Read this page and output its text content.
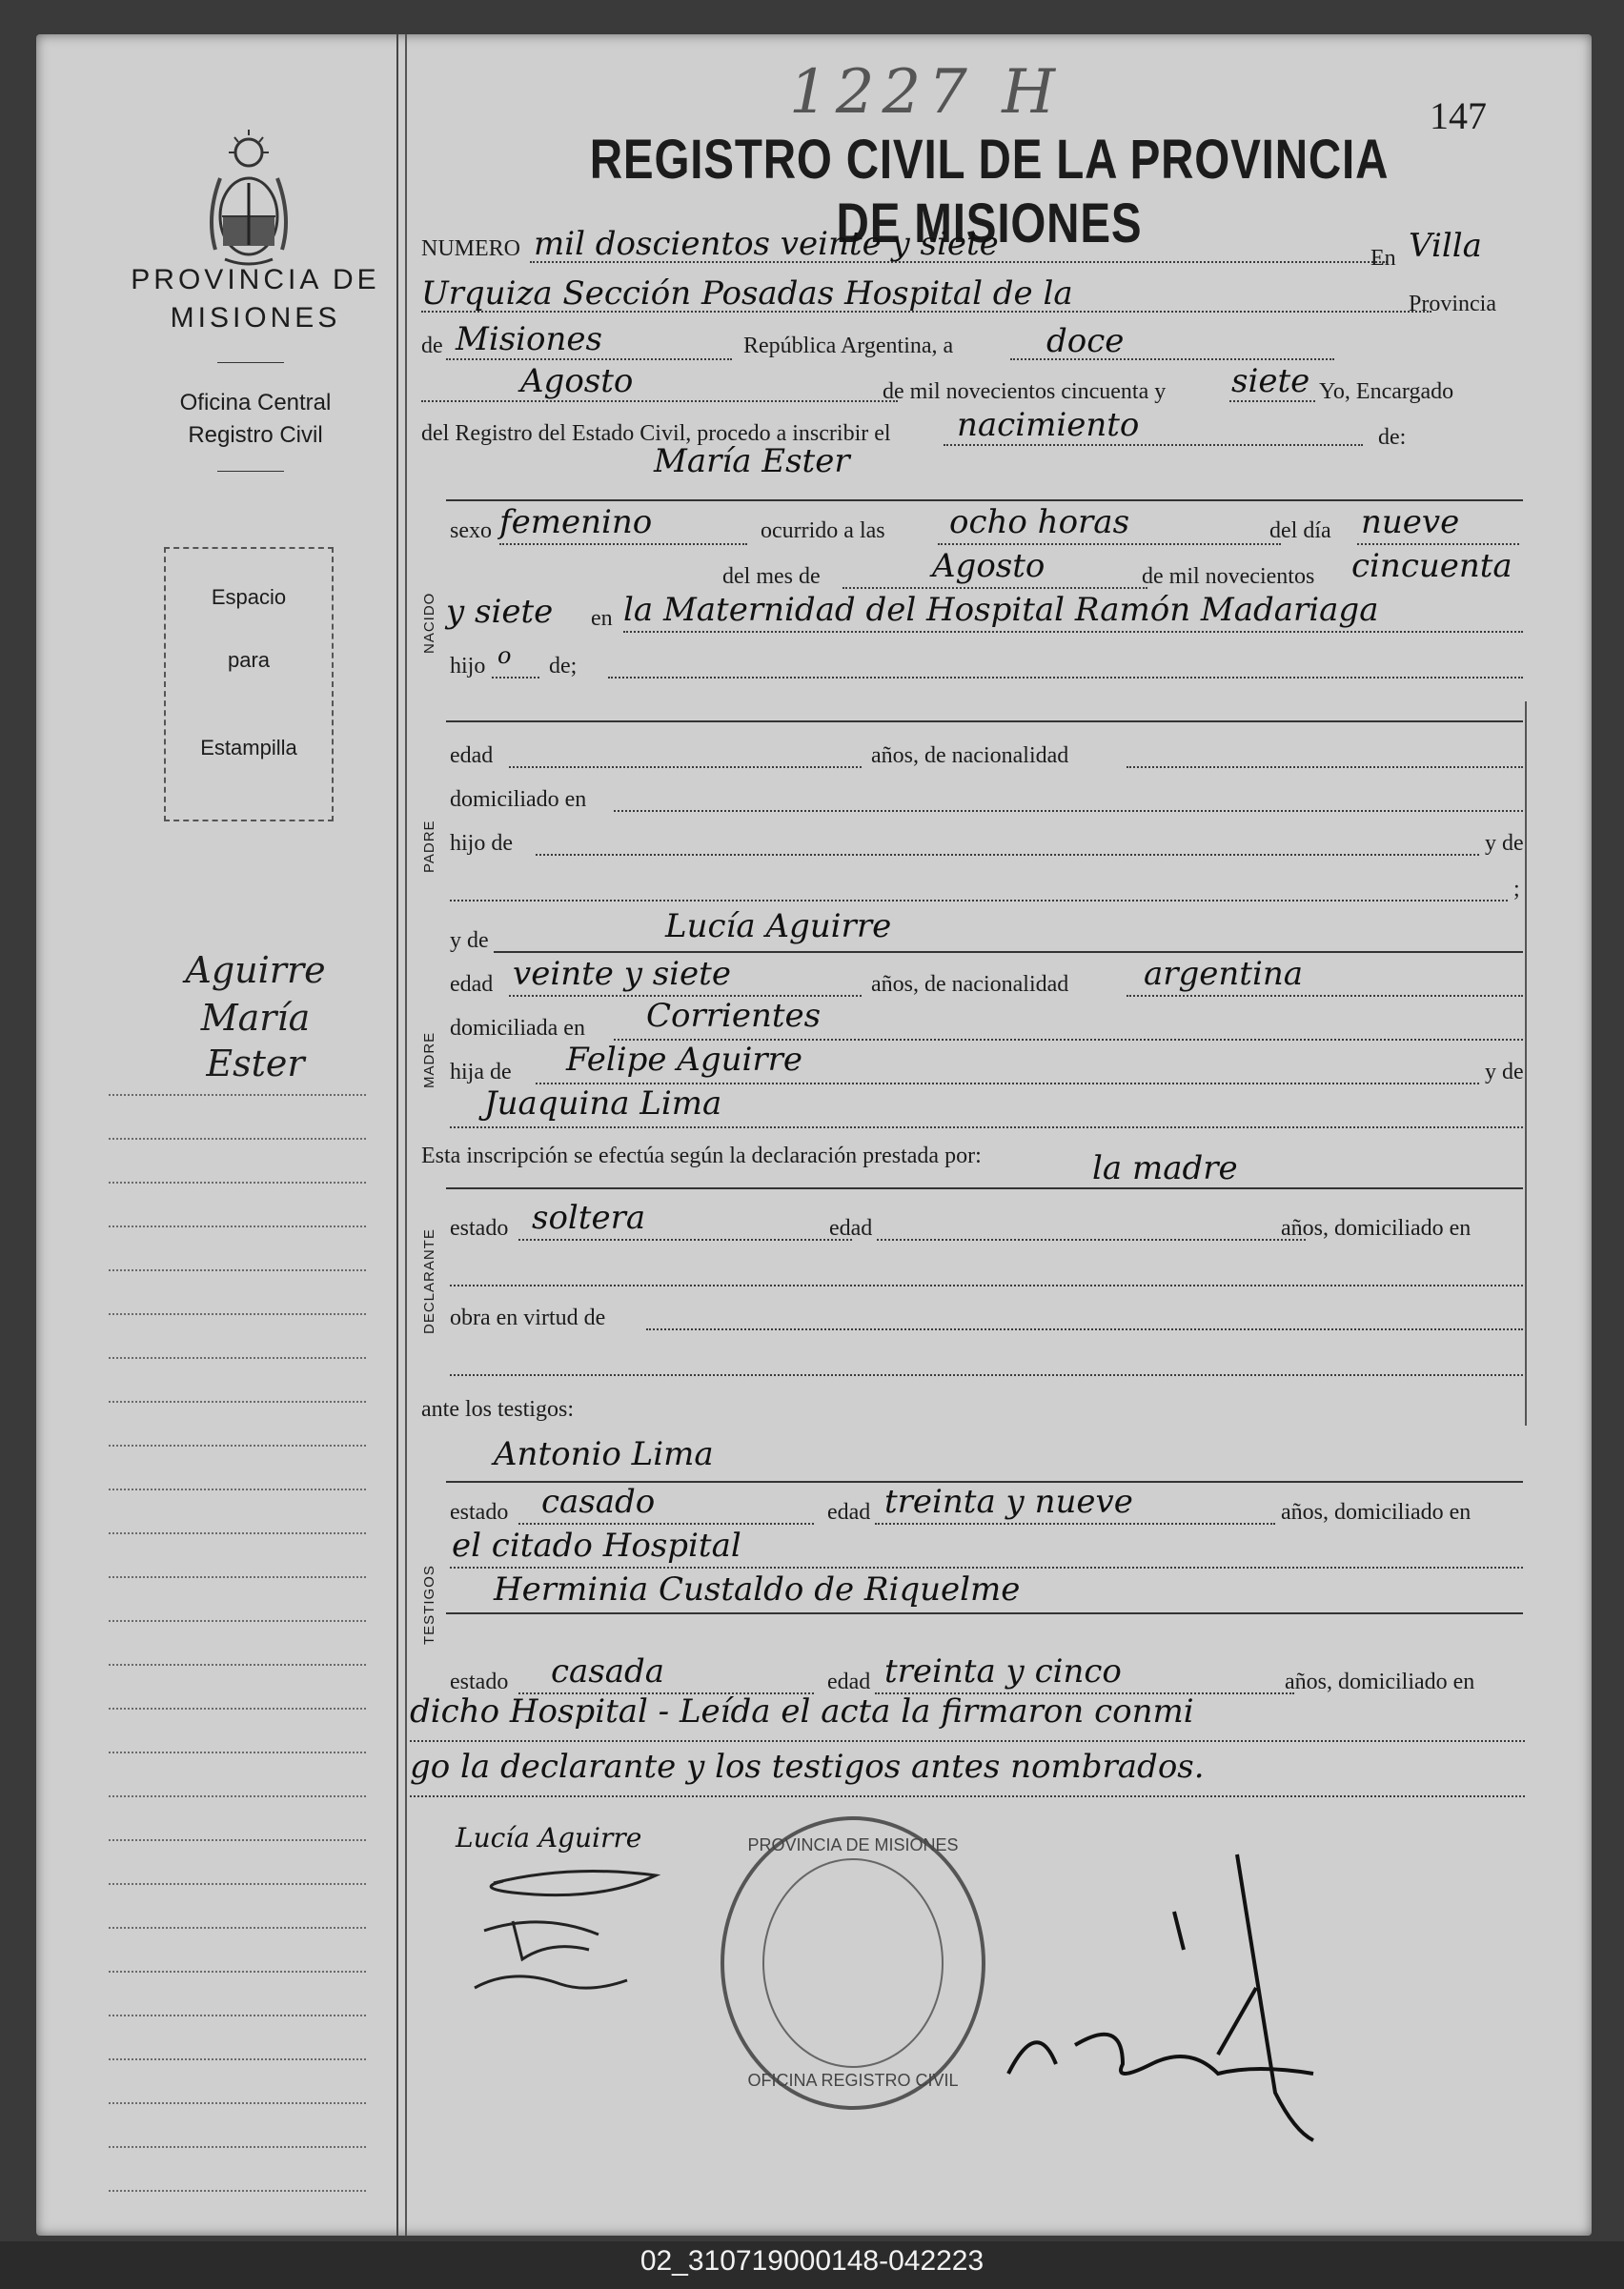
PROVINCIA DE
MISIONES
Oficina Central
Registro Civil
Espacio
para
Estampilla
Aguirre
María
Ester
1227 H	147
REGISTRO CIVIL DE LA PROVINCIA DE MISIONES
NUMERO mil doscientos veinte y siete	En Villa
Urquiza Sección Posadas Hospital de la	Provincia
de Misiones	República Argentina, a	doce
Agosto	de mil novecientos cincuenta y siete Yo, Encargado
del Registro del Estado Civil, procedo a inscribir el nacimiento	de:
María Ester
NACIDO
sexo femenino	ocurrido a las ocho horas	del día nueve
del mes de	Agosto	de mil novecientos cincuenta
y siete en la Maternidad del Hospital Ramón Madariaga
hijo o de;
PADRE
edad	años, de nacionalidad
domiciliado en
hijo de	y de
;
MADRE
y de	Lucía Aguirre
edad veinte y siete	años, de nacionalidad argentina
domiciliada en Corrientes
hija de Felipe Aguirre	y de
Juaquina Lima
Esta inscripción se efectúa según la declaración prestada por:	la madre
DECLARANTE
estado soltera	edad	años, domiciliado en
obra en virtud de
ante los testigos:
TESTIGOS
Antonio Lima
estado casado	edad treinta y nueve	años, domiciliado en
el citado Hospital
Herminia Custaldo de Riquelme
estado casada	edad treinta y cinco	años, domiciliado en
dicho Hospital - Leída el acta la firmaron conmi
go la declarante y los testigos antes nombrados.
Lucía Aguirre	PROVINCIA DE MISIONES
OFICINA REGISTRO CIVIL
02_310719000148-042223
